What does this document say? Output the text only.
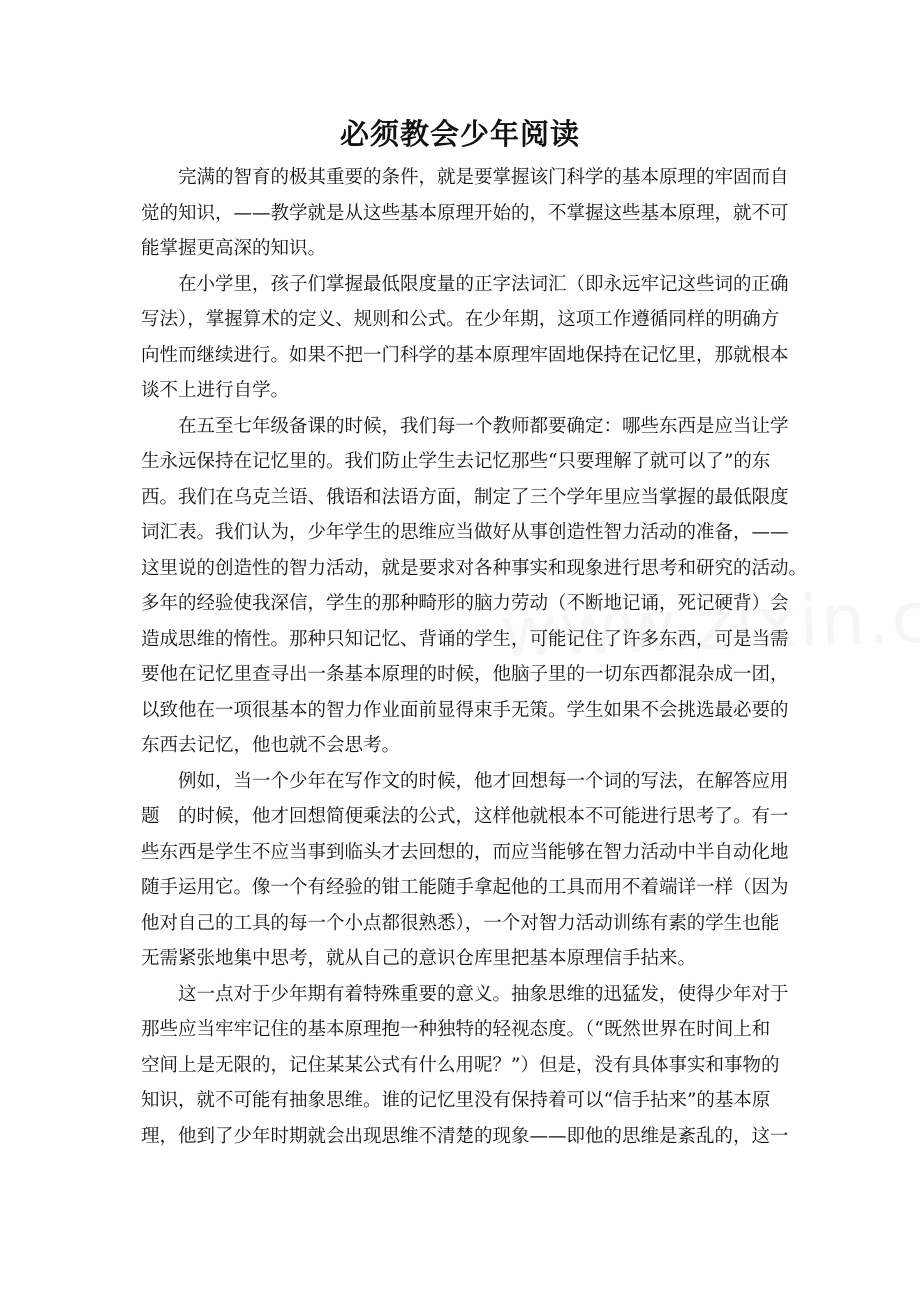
必须教会少年阅读
完满的智育的极其重要的条件，就是要掌握该门科学的基本原理的牢固而自
觉的知识，——教学就是从这些基本原理开始的，不掌握这些基本原理，就不可
能掌握更高深的知识。
在小学里，孩子们掌握最低限度量的正字法词汇（即永远牢记这些词的正确
写法），掌握算术的定义、规则和公式。在少年期，这项工作遵循同样的明确方
向性而继续进行。如果不把一门科学的基本原理牢固地保持在记忆里，那就根本
谈不上进行自学。
在五至七年级备课的时候，我们每一个教师都要确定：哪些东西是应当让学
生永远保持在记忆里的。我们防止学生去记忆那些“只要理解了就可以了”的东
西。我们在乌克兰语、俄语和法语方面，制定了三个学年里应当掌握的最低限度
词汇表。我们认为，少年学生的思维应当做好从事创造性智力活动的准备，——
这里说的创造性的智力活动，就是要求对各种事实和现象进行思考和研究的活动。
多年的经验使我深信，学生的那种畸形的脑力劳动（不断地记诵，死记硬背）会
造成思维的惰性。那种只知记忆、背诵的学生，可能记住了许多东西，可是当需
要他在记忆里查寻出一条基本原理的时候，他脑子里的一切东西都混杂成一团，
以致他在一项很基本的智力作业面前显得束手无策。学生如果不会挑选最必要的
东西去记忆，他也就不会思考。
例如，当一个少年在写作文的时候，他才回想每一个词的写法，在解答应用
题　的时候，他才回想简便乘法的公式，这样他就根本不可能进行思考了。有一
些东西是学生不应当事到临头才去回想的，而应当能够在智力活动中半自动化地
随手运用它。像一个有经验的钳工能随手拿起他的工具而用不着端详一样（因为
他对自己的工具的每一个小点都很熟悉），一个对智力活动训练有素的学生也能
无需紧张地集中思考，就从自己的意识仓库里把基本原理信手拈来。
这一点对于少年期有着特殊重要的意义。抽象思维的迅猛发，使得少年对于
那些应当牢牢记住的基本原理抱一种独特的轻视态度。（“既然世界在时间上和
空间上是无限的，记住某某公式有什么用呢？”）但是，没有具体事实和事物的
知识，就不可能有抽象思维。谁的记忆里没有保持着可以“信手拈来”的基本原
理，他到了少年时期就会出现思维不清楚的现象——即他的思维是紊乱的，这一
